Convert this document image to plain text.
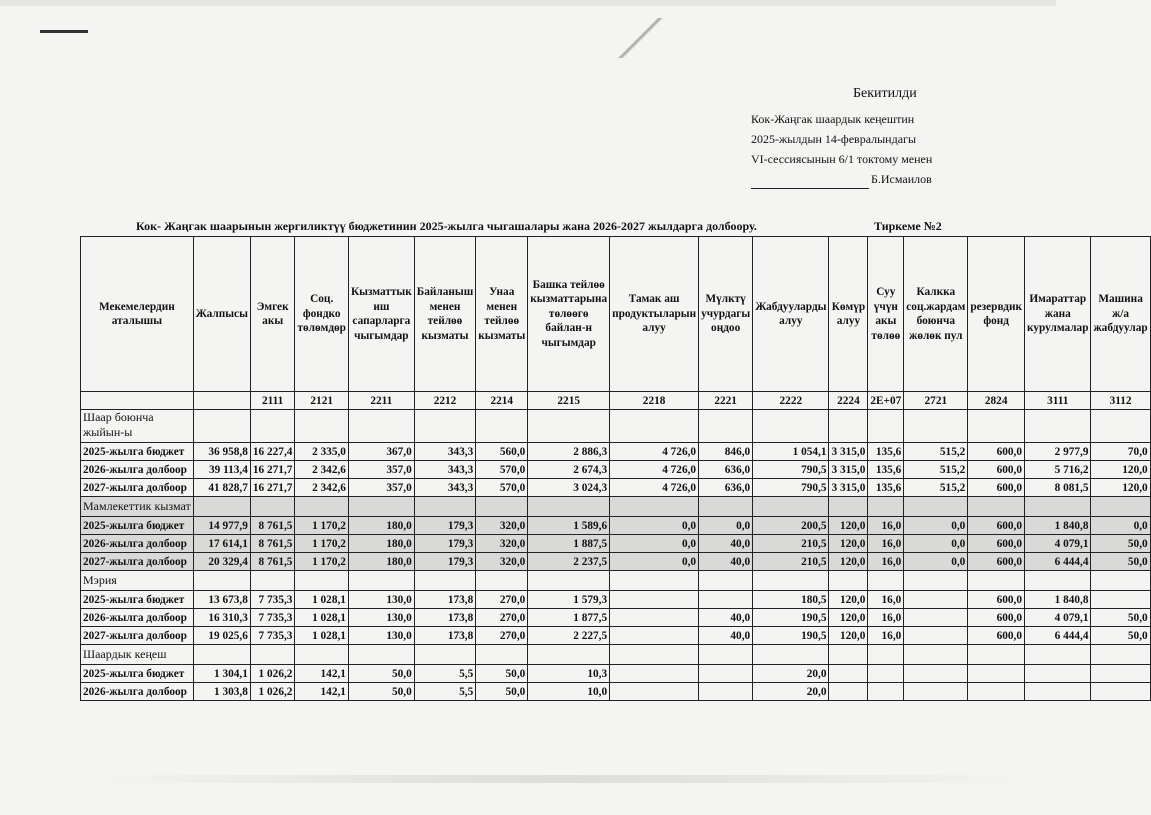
Бекитилди
Кок-Жаңгак шаардык кеңештин
2025-жылдын 14-февралындагы
VI-сессиясынын 6/1 токтому менен
Б.Исмаилов
Кок- Жаңгак шаарынын жергиликтүү бюджетинин 2025-жылга чыгашалары жана 2026-2027 жылдарга долбоору.	Тиркеме №2
Мекемелердин аталышы	Жалпысы	Эмгек акы	Соц. фондко төлөмдөр	Кызматтык иш сапарларга чыгымдар	Байланыш менен тейлөө кызматы	Унаа менен тейлөө кызматы	Башка тейлөө кызматтарына төлөөгө байлан-н чыгымдар	Тамак аш продуктыларын алуу	Мүлктү учурдагы оңдоо	Жабдууларды алуу	Көмүр алуу	Суу үчүн акы төлөө	Калкка соц.жардам боюнча жөлөк пул	резервдик фонд	Имараттар жана курулмалар	Машина ж/а жабдуулар
		2111	2121	2211	2212	2214	2215	2218	2221	2222	2224	2E+07	2721	2824	3111	3112
Шаар боюнча жыйын-ы																
2025-жылга бюджет	36 958,8	16 227,4	2 335,0	367,0	343,3	560,0	2 886,3	4 726,0	846,0	1 054,1	3 315,0	135,6	515,2	600,0	2 977,9	70,0
2026-жылга долбоор	39 113,4	16 271,7	2 342,6	357,0	343,3	570,0	2 674,3	4 726,0	636,0	790,5	3 315,0	135,6	515,2	600,0	5 716,2	120,0
2027-жылга долбоор	41 828,7	16 271,7	2 342,6	357,0	343,3	570,0	3 024,3	4 726,0	636,0	790,5	3 315,0	135,6	515,2	600,0	8 081,5	120,0
Мамлекеттик кызмат																
2025-жылга бюджет	14 977,9	8 761,5	1 170,2	180,0	179,3	320,0	1 589,6	0,0	0,0	200,5	120,0	16,0	0,0	600,0	1 840,8	0,0
2026-жылга долбоор	17 614,1	8 761,5	1 170,2	180,0	179,3	320,0	1 887,5	0,0	40,0	210,5	120,0	16,0	0,0	600,0	4 079,1	50,0
2027-жылга долбоор	20 329,4	8 761,5	1 170,2	180,0	179,3	320,0	2 237,5	0,0	40,0	210,5	120,0	16,0	0,0	600,0	6 444,4	50,0
Мэрия																
2025-жылга бюджет	13 673,8	7 735,3	1 028,1	130,0	173,8	270,0	1 579,3			180,5	120,0	16,0		600,0	1 840,8	
2026-жылга долбоор	16 310,3	7 735,3	1 028,1	130,0	173,8	270,0	1 877,5		40,0	190,5	120,0	16,0		600,0	4 079,1	50,0
2027-жылга долбоор	19 025,6	7 735,3	1 028,1	130,0	173,8	270,0	2 227,5		40,0	190,5	120,0	16,0		600,0	6 444,4	50,0
Шаардык кеңеш																
2025-жылга бюджет	1 304,1	1 026,2	142,1	50,0	5,5	50,0	10,3			20,0						
2026-жылга долбоор	1 303,8	1 026,2	142,1	50,0	5,5	50,0	10,0			20,0						
